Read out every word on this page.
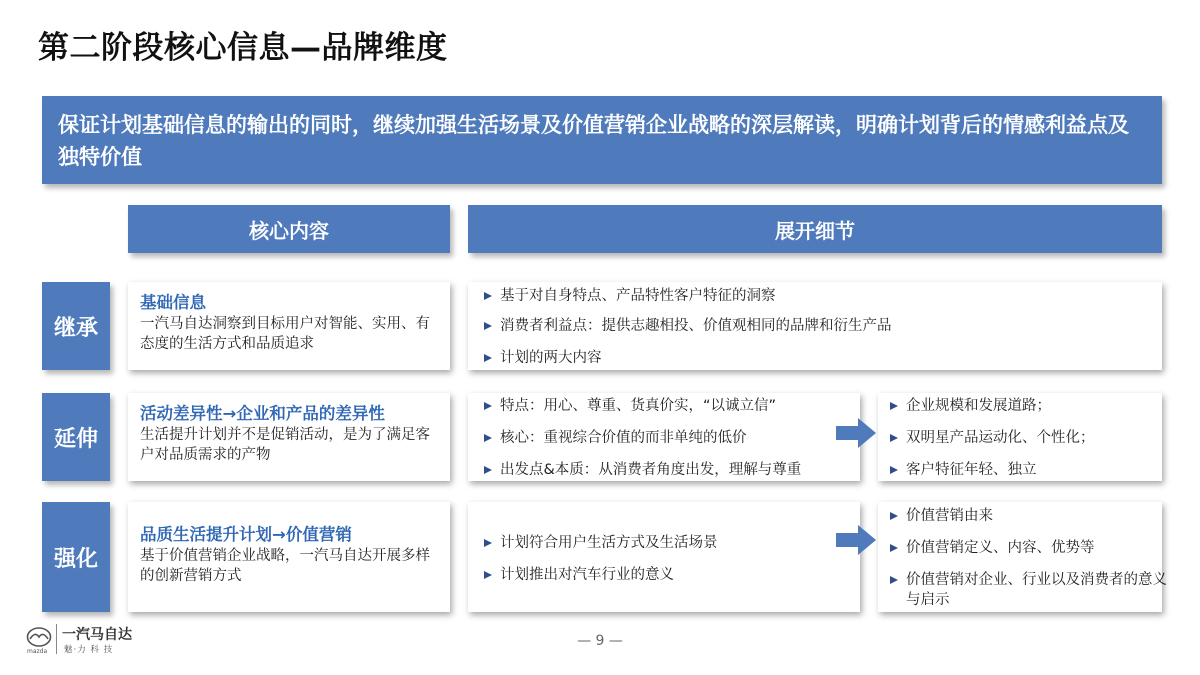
第二阶段核心信息—品牌维度
保证计划基础信息的输出的同时，继续加强生活场景及价值营销企业战略的深层解读，明确计划背后的情感利益点及独特价值
核心内容	展开细节
继承
基础信息
一汽马自达洞察到目标用户对智能、实用、有态度的生活方式和品质追求
基于对自身特点、产品特性客户特征的洞察
消费者利益点：提供志趣相投、价值观相同的品牌和衍生产品
计划的两大内容
延伸
活动差异性→企业和产品的差异性
生活提升计划并不是促销活动，是为了满足客户对品质需求的产物
特点：用心、尊重、货真价实，“以诚立信”
核心：重视综合价值的而非单纯的低价
出发点&本质：从消费者角度出发，理解与尊重
企业规模和发展道路；
双明星产品运动化、个性化；
客户特征年轻、独立
强化
品质生活提升计划→价值营销
基于价值营销企业战略，一汽马自达开展多样的创新营销方式
计划符合用户生活方式及生活场景
计划推出对汽车行业的意义
价值营销由来
价值营销定义、内容、优势等
价值营销对企业、行业以及消费者的意义与启示
— 9 —
mazda
一汽马自达
魅·力 科 技
